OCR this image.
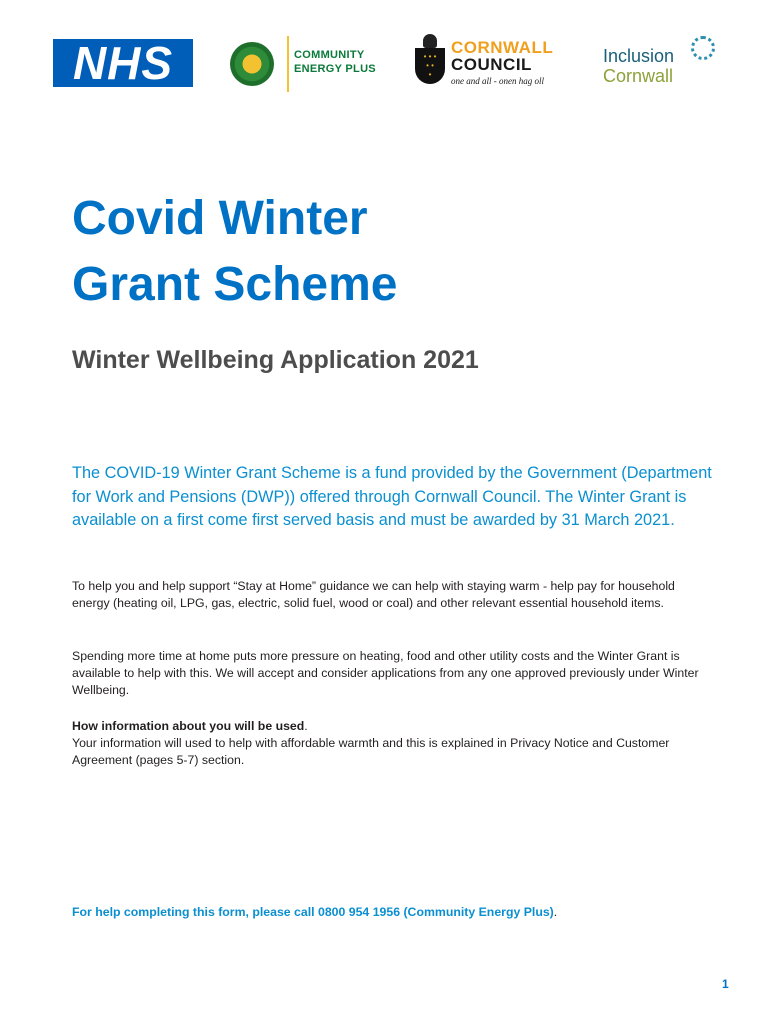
NHS	COMMUNITY
ENERGY PLUS
• • •
CORNWALL
COUNCIL
one and all - onen hag oll
Inclusion
Cornwall
Covid Winter
Grant Scheme
Winter Wellbeing Application 2021

The COVID-19 Winter Grant Scheme is a fund provided by the Government (Department for Work and Pensions (DWP)) offered through Cornwall Council. The Winter Grant is available on a first come first served basis and must be awarded by 31 March 2021.

To help you and help support “Stay at Home” guidance we can help with staying warm - help pay for household energy (heating oil, LPG, gas, electric, solid fuel, wood or coal) and other relevant essential household items.

Spending more time at home puts more pressure on heating, food and other utility costs and the Winter Grant is available to help with this. We will accept and consider applications from any one approved previously under Winter Wellbeing.

How information about you will be used.
Your information will used to help with affordable warmth and this is explained in Privacy Notice and Customer Agreement (pages 5-7) section.

For help completing this form, please call 0800 954 1956 (Community Energy Plus).

1
